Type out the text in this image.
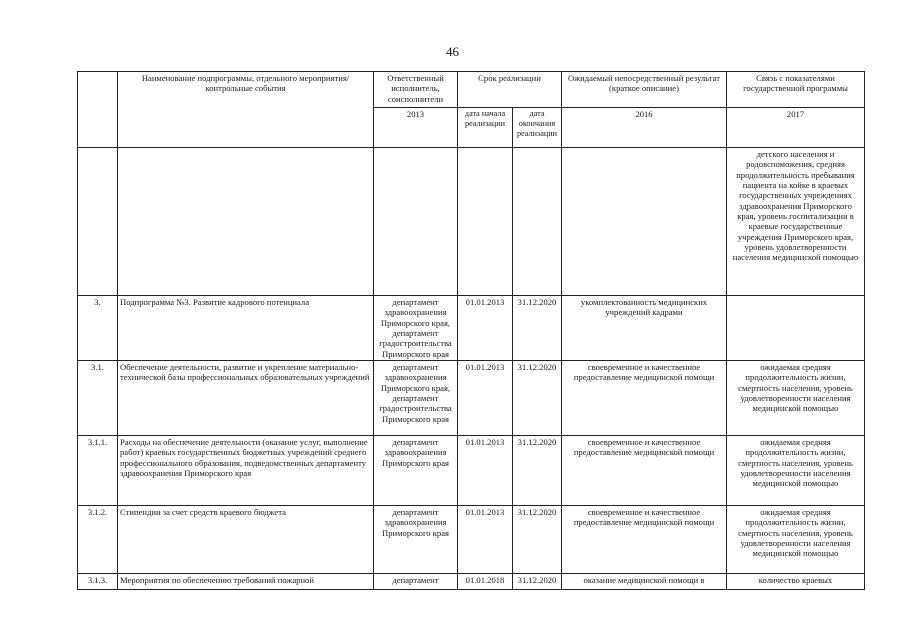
46
	Наименование подпрограммы, отдельного мероприятия/контрольные события	Ответственный исполнитель, соисполнители	Срок реализации		Ожидаемый непосредственный результат (краткое описание)	Связь с показателями государственной программы
		2013	дата начала реализации	дата окончания реализации	2016	2017
						детского населения и родовспоможения, средняя продолжительность пребывания пациента на койке в краевых государственных учреждениях здравоохранения Приморского края, уровень госпитализации в краевые государственные учреждения Приморского края, уровень удовлетворенности населения медицинской помощью
3.	Подпрограмма №3. Развитие кадрового потенциала	департамент здравоохранения Приморского края, департамент градостроительства Приморского края	01.01.2013	31.12.2020	укомплектованность медицинских учреждений кадрами	
3.1.	Обеспечение деятельности, развитие и укрепление материально-технической базы профессиональных образовательных учреждений	департамент здравоохранения Приморского края, департамент градостроительства Приморского края	01.01.2013	31.12.2020	своевременное и качественное предоставление медицинской помощи	ожидаемая средняя продолжительность жизни, смертность населения, уровень удовлетворенности населения медицинской помощью
3.1.1.	Расходы на обеспечение деятельности (оказание услуг, выполнение работ) краевых государственных бюджетных учреждений среднего профессионального образования, подведомственных департаменту здравоохранения Приморского края	департамент здравоохранения Приморского края	01.01.2013	31.12.2020	своевременное и качественное предоставление медицинской помощи	ожидаемая средняя продолжительность жизни, смертность населения, уровень удовлетворенности населения медицинской помощью
3.1.2.	Стипендии за счет средств краевого бюджета	департамент здравоохранения Приморского края	01.01.2013	31.12.2020	своевременное и качественное предоставление медицинской помощи	ожидаемая средняя продолжительность жизни, смертность населения, уровень удовлетворенности населения медицинской помощью
3.1.3.	Мероприятия по обеспечению требований пожарной	департамент	01.01.2018	31.12.2020	оказание медицинской помощи в	количество краевых
